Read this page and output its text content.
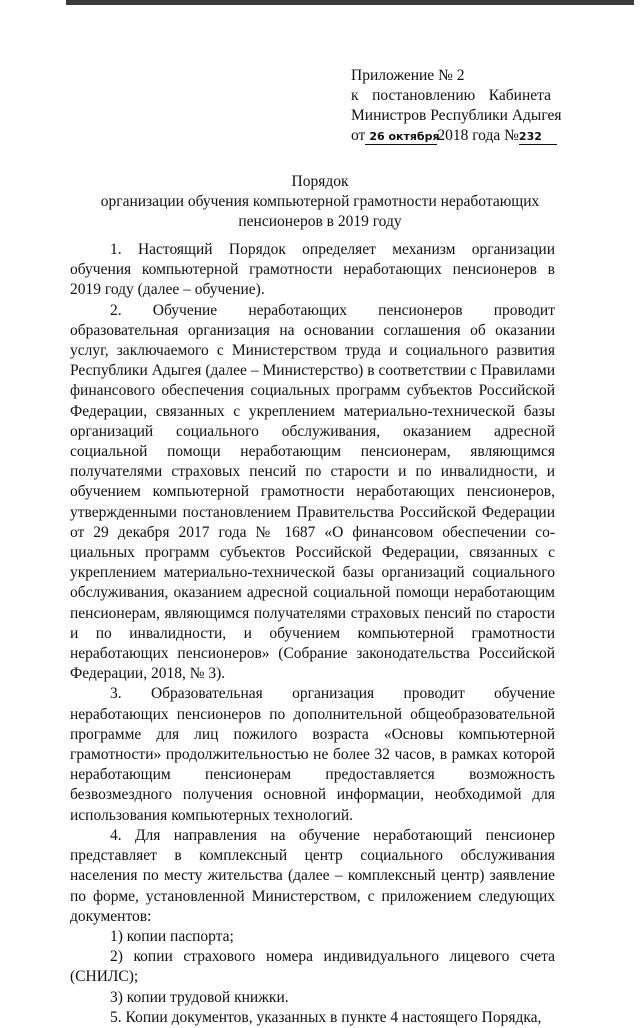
Приложение № 2
к постановлению Кабинета
Министров Республики Адыгея
от 26 октября2018 года №232
Порядок
организации обучения компьютерной грамотности неработающих
пенсионеров в 2019 году

1. Настоящий Порядок определяет механизм организации обучения компьютерной грамотности неработающих пенсионеров в 2019 году (далее – обучение).

2. Обучение неработающих пенсионеров проводит образовательная организация на основании соглашения об оказании услуг, заключаемого с Министерством труда и социального развития Республики Адыгея (далее – Министерство) в соответствии с Правилами финансового обеспечения социальных программ субъектов Российской Федерации, связанных с укреплением материально-технической базы организаций социального обслуживания, оказанием адресной социальной помощи неработающим пенсионерам, являющимся получателями страховых пенсий по старости и по инвалидности, и обучением компьютерной грамотности неработающих пенсионеров, утвержденными постановлением Правительства Российской Федерации от 29 декабря 2017 года № 1687 «О финансовом обеспечении социальных программ субъектов Российской Федерации, связанных с укреплением материально-технической базы организаций социального обслуживания, оказанием адресной социальной помощи неработающим пенсионерам, являющимся получателями страховых пенсий по старости и по инвалидности, и обучением компьютерной грамотности неработающих пенсионеров» (Собрание законодательства Российской Федерации, 2018, № 3).

3. Образовательная организация проводит обучение неработающих пенсионеров по дополнительной общеобразовательной программе для лиц пожилого возраста «Основы компьютерной грамотности» продолжительностью не более 32 часов, в рамках которой неработающим пенсионерам предоставляется возможность безвозмездного получения основной информации, необходимой для использования компьютерных технологий.

4. Для направления на обучение неработающий пенсионер представляет в комплексный центр социального обслуживания населения по месту жительства (далее – комплексный центр) заявление по форме, установленной Министерством, с приложением следующих документов:

1) копии паспорта;

2) копии страхового номера индивидуального лицевого счета (СНИЛС);

3) копии трудовой книжки.

5. Копии документов, указанных в пункте 4 настоящего Порядка,
